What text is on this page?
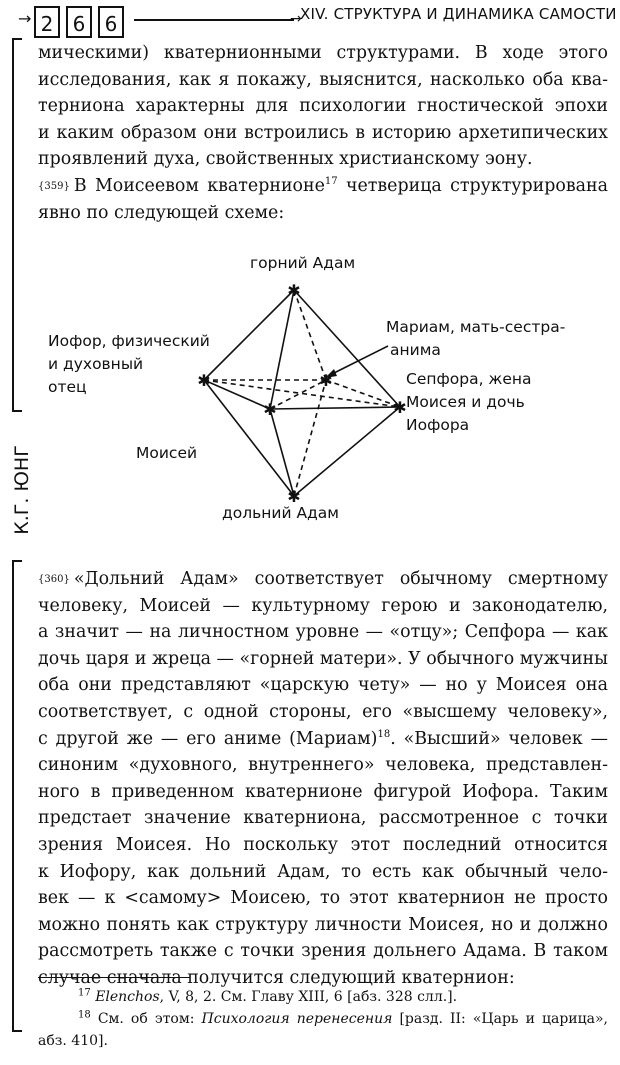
→ 2 6 6	→
XIV. СТРУКТУРА И ДИНАМИКА САМОСТИ
К.Г. ЮНГ
мическими) кватернионными структурами. В ходе этого
исследования, как я покажу, выяснится, насколько оба ква-
терниона характерны для психологии гностической эпохи
и каким образом они встроились в историю архетипических
проявлений духа, свойственных христианскому эону.
{359} В Моисеевом кватернионе$^{17}$ четверица структурирована
явно по следующей схеме:
✱
✱
✱
✱
✱
✱
горний Адам
Иофор, физический
и духовный
отец
Мариам, мать-сестра-
анима
Сепфора, жена
Моисея и дочь
Иофора
Моисей
дольний Адам
{360} «Дольний Адам» соответствует обычному смертному
человеку, Моисей — культурному герою и законодателю,
а значит — на личностном уровне — «отцу»; Сепфора — как
дочь царя и жреца — «горней матери». У обычного мужчины
оба они представляют «царскую чету» — но у Моисея она
соответствует, с одной стороны, его «высшему человеку»,
с другой же — его аниме (Мариам)$^{18}$. «Высший» человек —
синоним «духовного, внутреннего» человека, представлен-
ного в приведенном кватернионе фигурой Иофора. Таким
предстает значение кватерниона, рассмотренное с точки
зрения Моисея. Но поскольку этот последний относится
к Иофору, как дольний Адам, то есть как обычный чело-
век — к <самому> Моисею, то этот кватернион не просто
можно понять как структуру личности Моисея, но и должно
рассмотреть также с точки зрения дольнего Адама. В таком
случае сначала получится следующий кватернион:
$^{17}$ Elenchos, V, 8, 2. См. Главу XIII, 6 [абз. 328 слл.].
$^{18}$ См. об этом: Психология перенесения [разд. II: «Царь и царица»,
абз. 410].
